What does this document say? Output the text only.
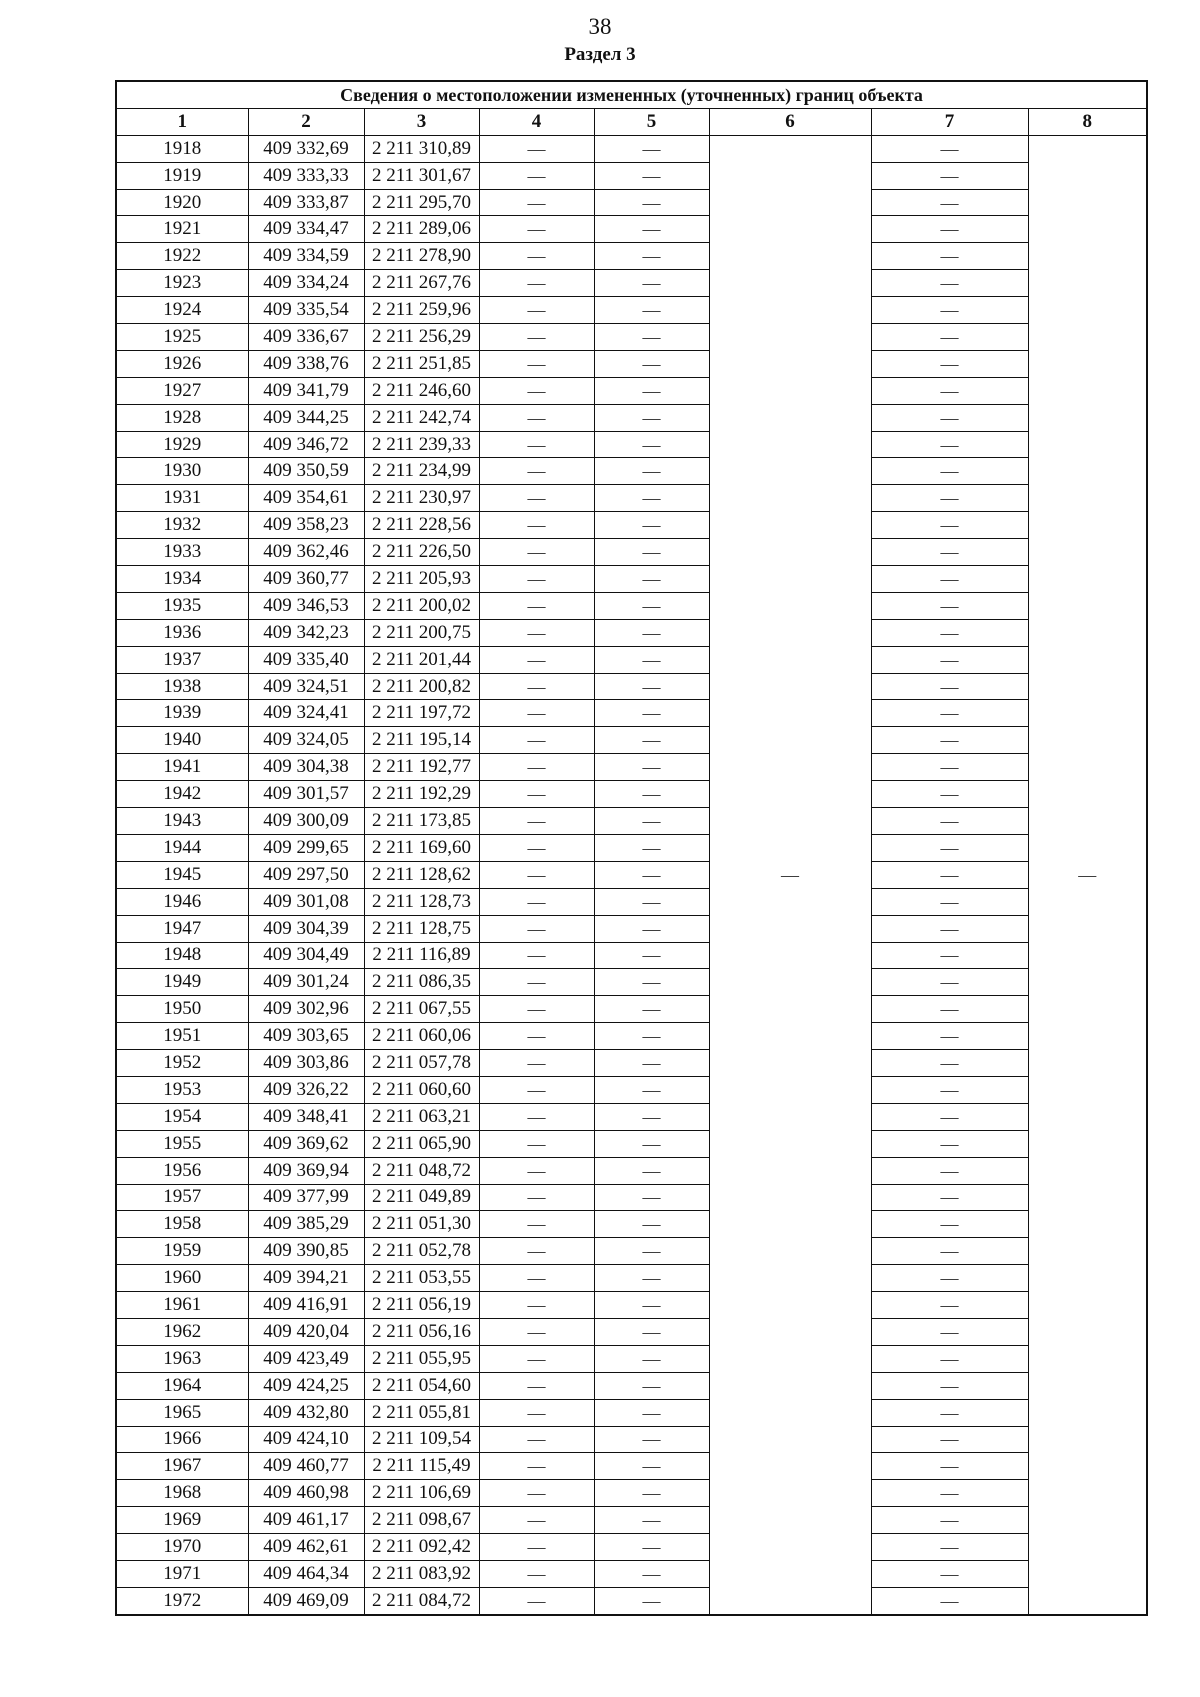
38
Раздел 3
Сведения о местоположении измененных (уточненных) границ объекта							
1	2	3	4	5	6	7	8
1918	409 332,69	2 211 310,89	—	—	—	—	—
1919	409 333,33	2 211 301,67	—	—		—	
1920	409 333,87	2 211 295,70	—	—		—	
1921	409 334,47	2 211 289,06	—	—		—	
1922	409 334,59	2 211 278,90	—	—		—	
1923	409 334,24	2 211 267,76	—	—		—	
1924	409 335,54	2 211 259,96	—	—		—	
1925	409 336,67	2 211 256,29	—	—		—	
1926	409 338,76	2 211 251,85	—	—		—	
1927	409 341,79	2 211 246,60	—	—		—	
1928	409 344,25	2 211 242,74	—	—		—	
1929	409 346,72	2 211 239,33	—	—		—	
1930	409 350,59	2 211 234,99	—	—		—	
1931	409 354,61	2 211 230,97	—	—		—	
1932	409 358,23	2 211 228,56	—	—		—	
1933	409 362,46	2 211 226,50	—	—		—	
1934	409 360,77	2 211 205,93	—	—		—	
1935	409 346,53	2 211 200,02	—	—		—	
1936	409 342,23	2 211 200,75	—	—		—	
1937	409 335,40	2 211 201,44	—	—		—	
1938	409 324,51	2 211 200,82	—	—		—	
1939	409 324,41	2 211 197,72	—	—		—	
1940	409 324,05	2 211 195,14	—	—		—	
1941	409 304,38	2 211 192,77	—	—		—	
1942	409 301,57	2 211 192,29	—	—		—	
1943	409 300,09	2 211 173,85	—	—		—	
1944	409 299,65	2 211 169,60	—	—		—	
1945	409 297,50	2 211 128,62	—	—		—	
1946	409 301,08	2 211 128,73	—	—		—	
1947	409 304,39	2 211 128,75	—	—		—	
1948	409 304,49	2 211 116,89	—	—		—	
1949	409 301,24	2 211 086,35	—	—		—	
1950	409 302,96	2 211 067,55	—	—		—	
1951	409 303,65	2 211 060,06	—	—		—	
1952	409 303,86	2 211 057,78	—	—		—	
1953	409 326,22	2 211 060,60	—	—		—	
1954	409 348,41	2 211 063,21	—	—		—	
1955	409 369,62	2 211 065,90	—	—		—	
1956	409 369,94	2 211 048,72	—	—		—	
1957	409 377,99	2 211 049,89	—	—		—	
1958	409 385,29	2 211 051,30	—	—		—	
1959	409 390,85	2 211 052,78	—	—		—	
1960	409 394,21	2 211 053,55	—	—		—	
1961	409 416,91	2 211 056,19	—	—		—	
1962	409 420,04	2 211 056,16	—	—		—	
1963	409 423,49	2 211 055,95	—	—		—	
1964	409 424,25	2 211 054,60	—	—		—	
1965	409 432,80	2 211 055,81	—	—		—	
1966	409 424,10	2 211 109,54	—	—		—	
1967	409 460,77	2 211 115,49	—	—		—	
1968	409 460,98	2 211 106,69	—	—		—	
1969	409 461,17	2 211 098,67	—	—		—	
1970	409 462,61	2 211 092,42	—	—		—	
1971	409 464,34	2 211 083,92	—	—		—	
1972	409 469,09	2 211 084,72	—	—		—	
